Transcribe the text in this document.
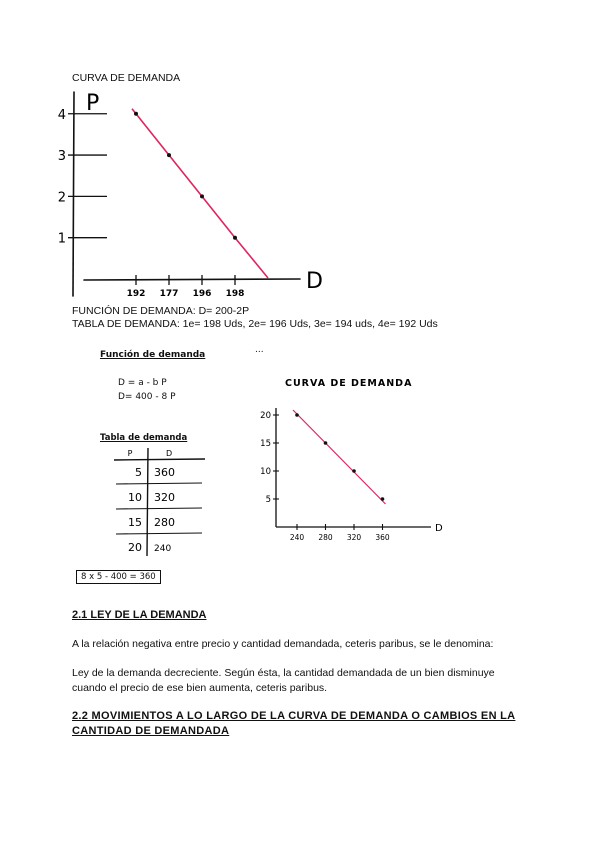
CURVA DE DEMANDA
P
D
1
2
3
4
192 177 196 198
FUNCIÓN DE DEMANDA: D= 200-2P
TABLA DE DEMANDA: 1e= 198 Uds, 2e= 196 Uds, 3e= 194 uds, 4e= 192 Uds
Función de demanda	...
D = a - b P
D= 400 - 8 P
Tabla de demanda
P	D
5 360
10 320
15 280
20 240
8 x 5 - 400 = 360
CURVA DE DEMANDA
D
5
10
15
20
240 280 320 360
2.1 LEY DE LA DEMANDA
A la relación negativa entre precio y cantidad demandada, ceteris paribus, se le denomina:
Ley de la demanda decreciente. Según ésta, la cantidad demandada de un bien disminuye
cuando el precio de ese bien aumenta, ceteris paribus.
2.2 MOVIMIENTOS A LO LARGO DE LA CURVA DE DEMANDA O CAMBIOS EN LA
CANTIDAD DE DEMANDADA
